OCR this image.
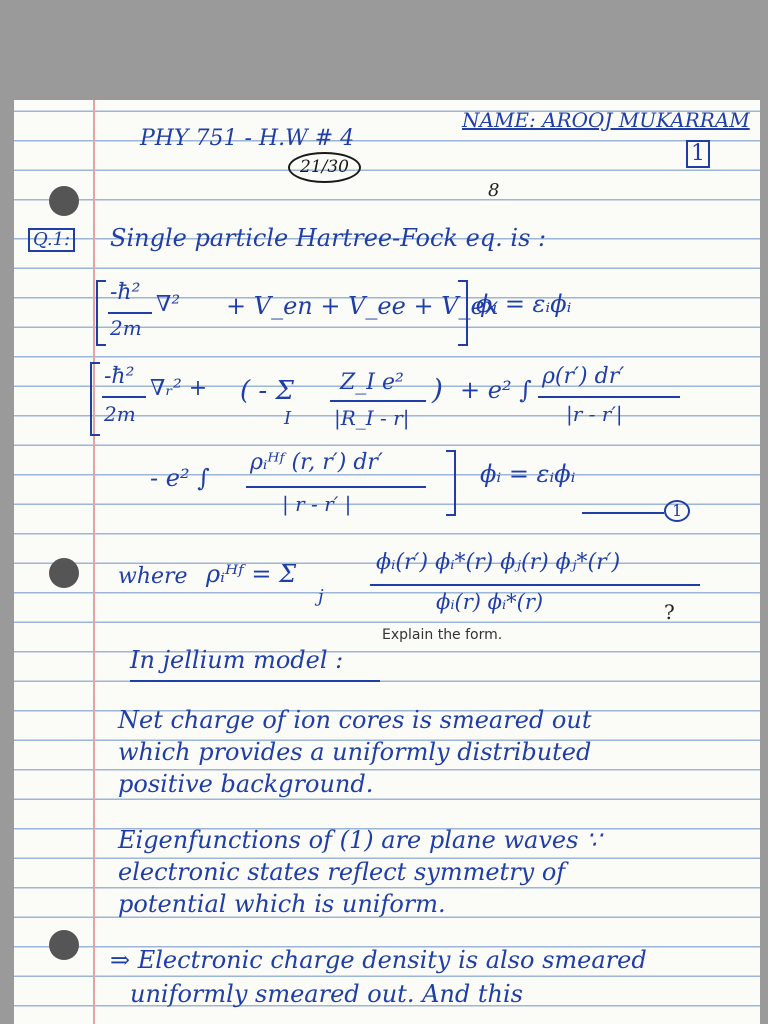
PHY 751 - H.W # 4
NAME: AROOJ MUKARRAM
1
21/30
8
Q.1: Single particle Hartree-Fock eq. is :
-ħ²
2m
∇² + V_en + V_ee + V_ex
ϕᵢ = εᵢϕᵢ
-ħ²
2m
∇ᵣ² + ( - Σ
I
Z_I e²
|R_I - r|
) + e² ∫ ρ(r′) dr′
|r - r′|
- e² ∫
ρᵢᴴᶠ (r, r′) dr′
| r - r′ |
ϕᵢ = εᵢϕᵢ
1
where ρᵢᴴᶠ = Σ
j
ϕᵢ(r′) ϕᵢ*(r) ϕⱼ(r) ϕⱼ*(r′)
ϕᵢ(r) ϕᵢ*(r)	?
Explain the form.
In jellium model :
Net charge of ion cores is smeared out
which provides a uniformly distributed
positive background.
Eigenfunctions of (1) are plane waves ∵
electronic states reflect symmetry of
potential which is uniform.
⇒ Electronic charge density is also smeared
uniformly smeared out. And this
